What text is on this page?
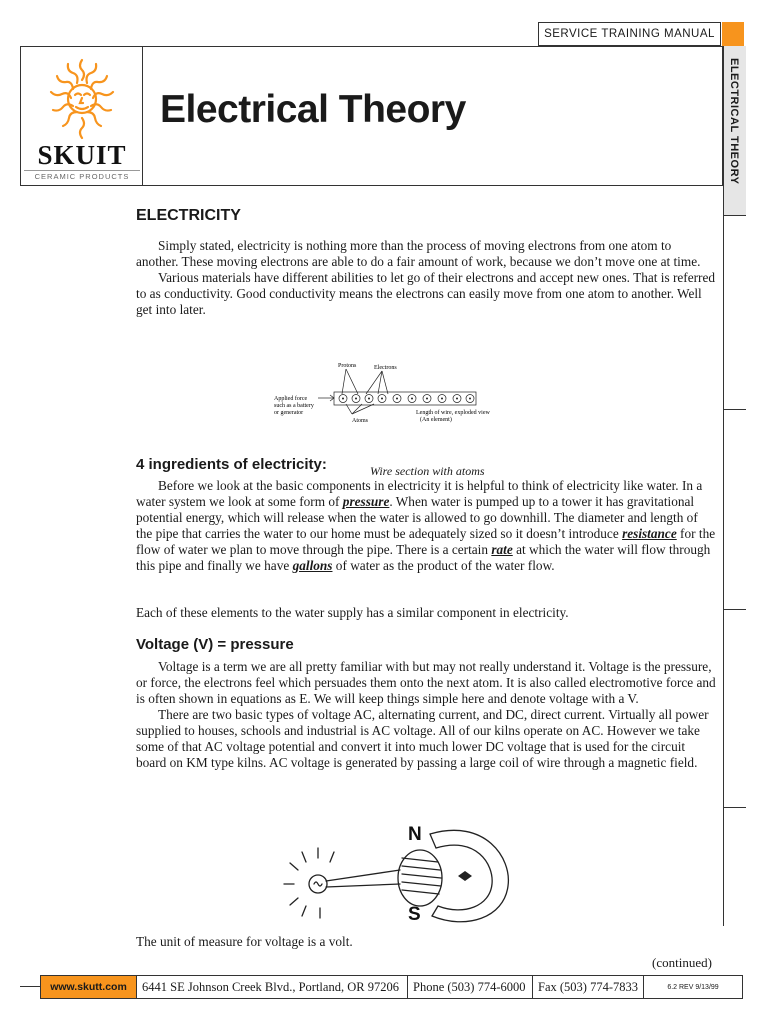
SERVICE TRAINING MANUAL
Electrical Theory
SKUIT
CERAMIC PRODUCTS	ELECTRICAL THEORY
ELECTRICITY

Simply stated, electricity is nothing more than the process of moving electrons from one atom to another. These moving electrons are able to do a fair amount of work, because we don’t move one at time.

Various materials have different abilities to let go of their electrons and accept new ones. That is referred to as conductivity. Good conductivity means the electrons can easily move from one atom to another. Well get into later.

Protons	Electrons
Applied force
such as a battery
or generator
Atoms
Length of wire, exploded view
(An element)
4 ingredients of electricity:	Wire section with atoms

Before we look at the basic components in electricity it is helpful to think of electricity like water. In a water system we look at some form of pressure. When water is pumped up to a tower it has gravitational potential energy, which will release when the water is allowed to go downhill. The diameter and length of the pipe that carries the water to our home must be adequately sized so it doesn’t introduce resistance for the flow of water we plan to move through the pipe. There is a certain rate at which the water will flow through this pipe and finally we have gallons of water as the product of the water flow.

Each of these elements to the water supply has a similar component in electricity.

Voltage (V) = pressure

Voltage is a term we are all pretty familiar with but may not really understand it. Voltage is the pressure, or force, the electrons feel which persuades them onto the next atom. It is also called electromotive force and is often shown in equations as E. We will keep things simple here and denote voltage with a V.

There are two basic types of voltage AC, alternating current, and DC, direct current. Virtually all power supplied to houses, schools and industrial is AC voltage. All of our kilns operate on AC. However we take some of that AC voltage potential and convert it into much lower DC voltage that is used for the circuit board on KM type kilns. AC voltage is generated by passing a large coil of wire through a magnetic field.

N
S

The unit of measure for voltage is a volt.

(continued)
www.skutt.com	6441 SE Johnson Creek Blvd., Portland, OR 97206	Phone (503) 774-6000	Fax (503) 774-7833	6.2 REV 9/13/99
